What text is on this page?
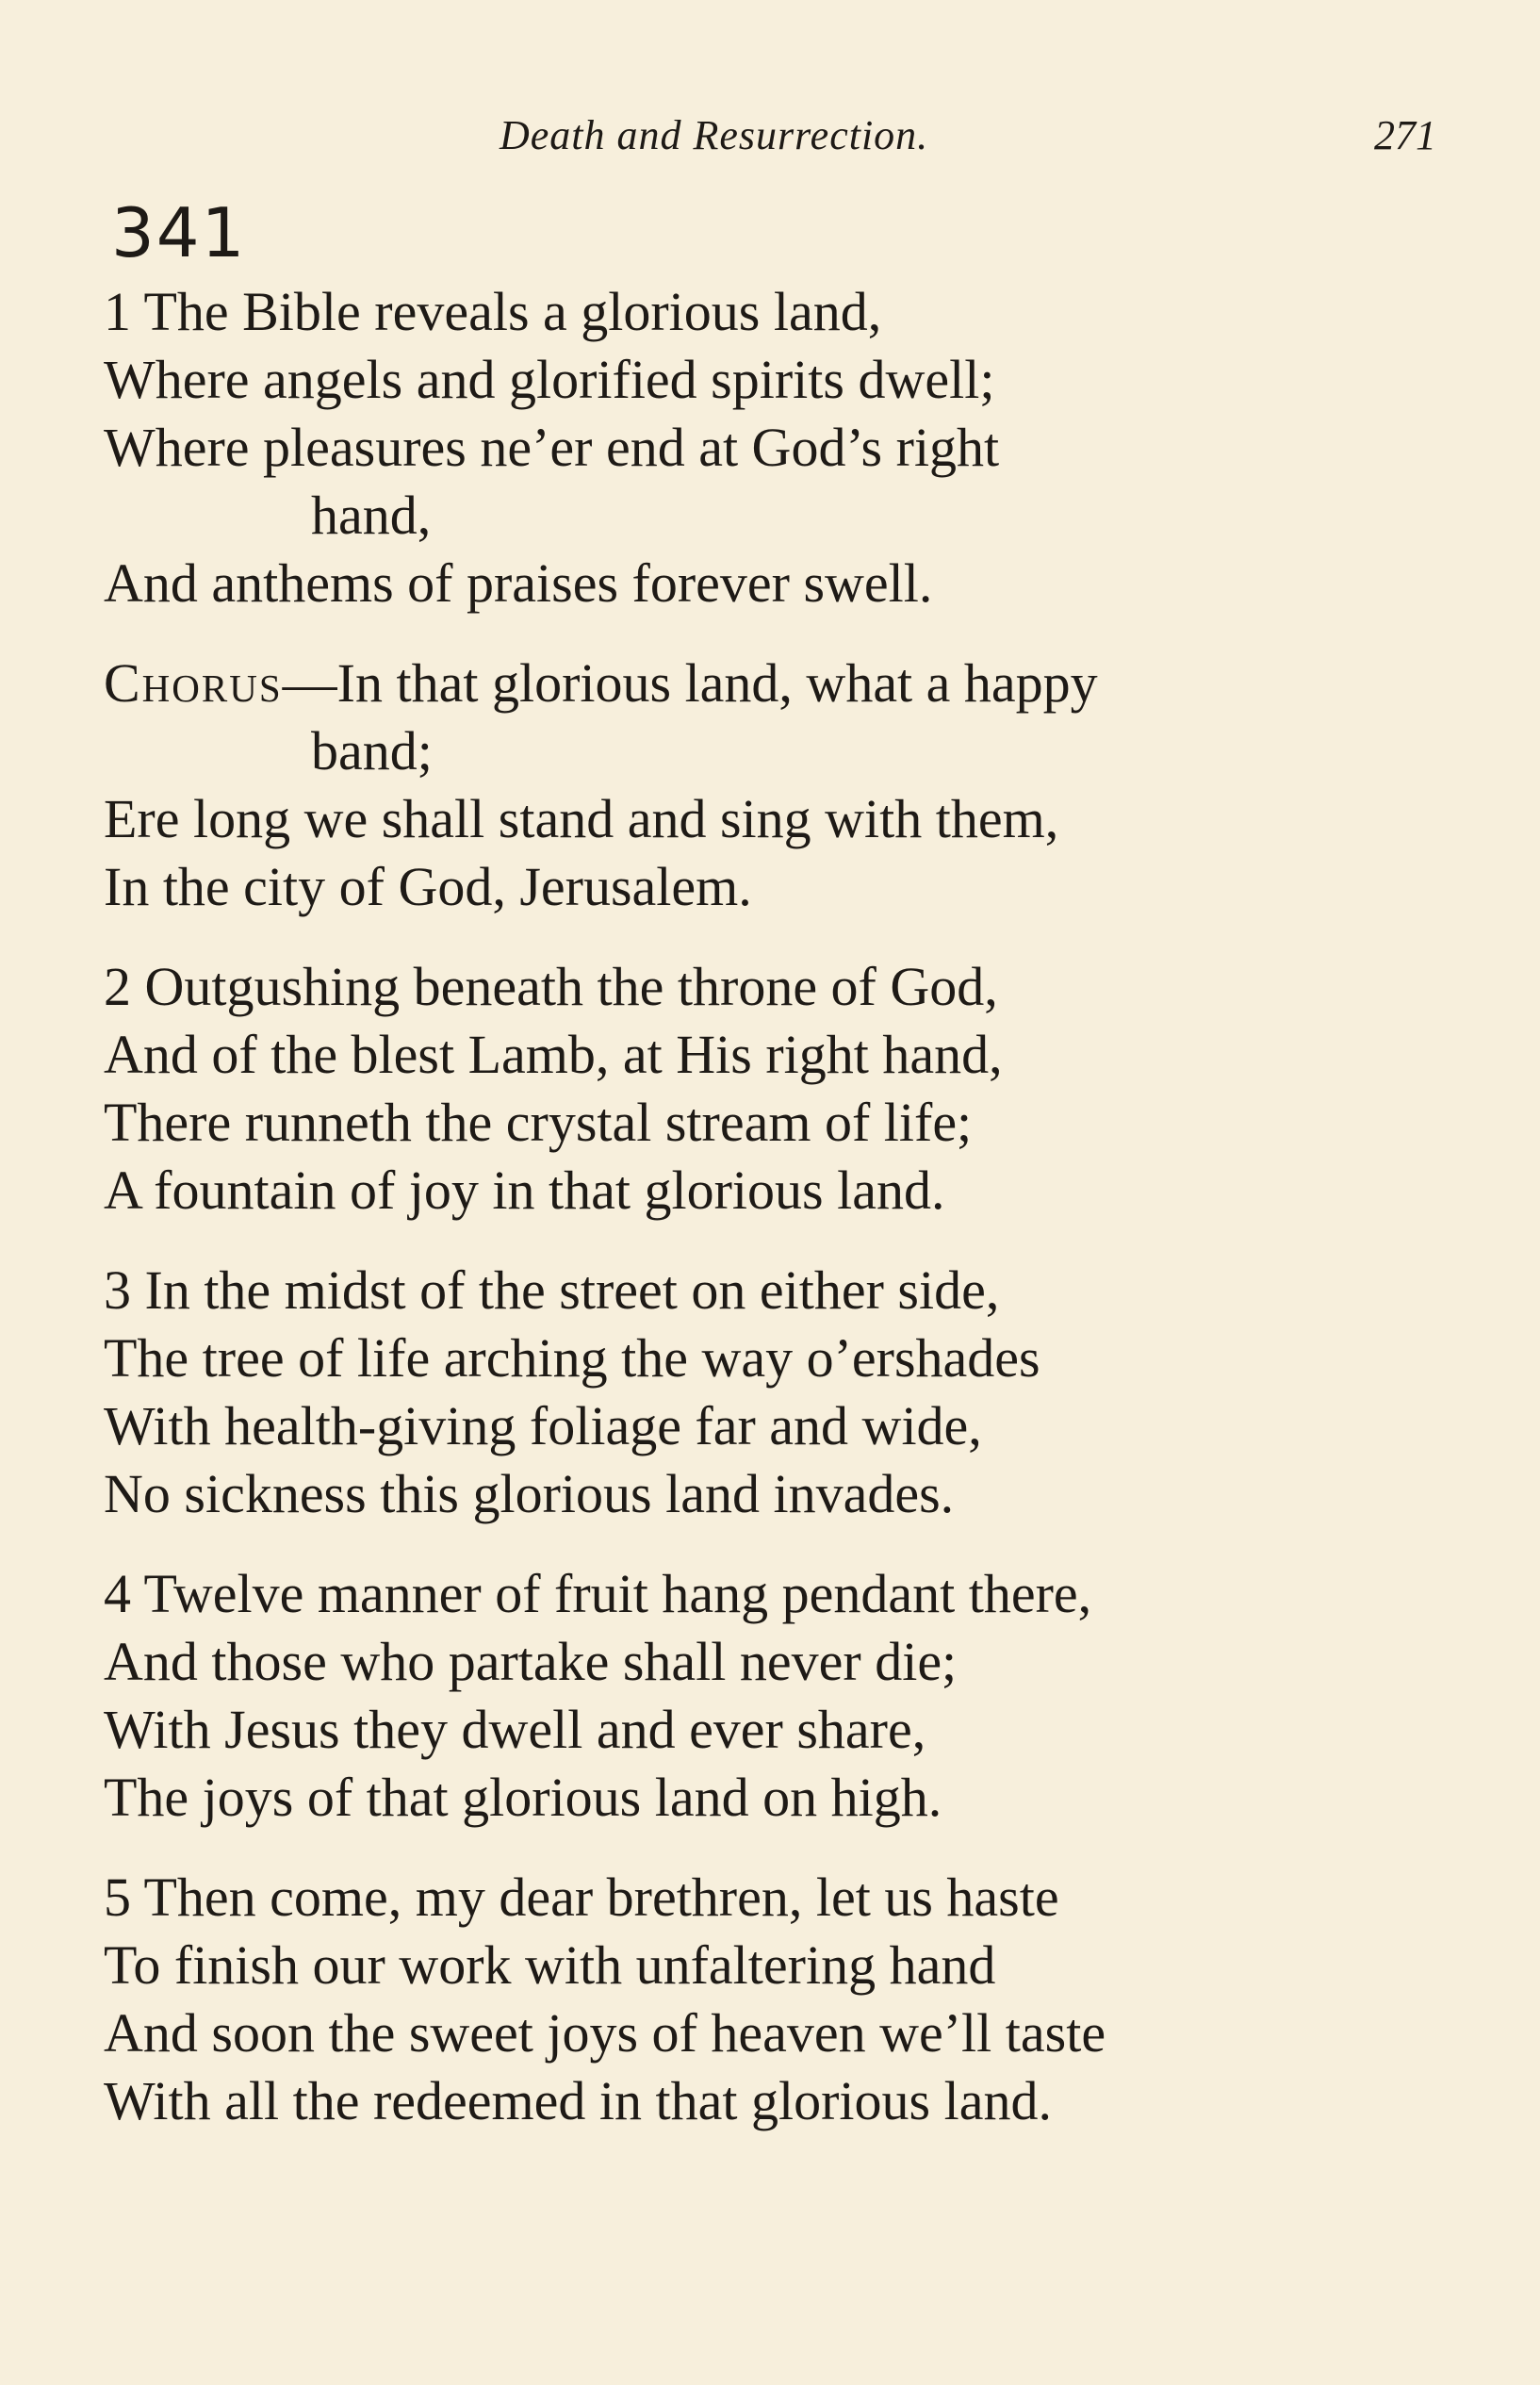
Death and Resurrection.	271
341
1 The Bible reveals a glorious land,
Where angels and glorified spirits dwell;
Where pleasures ne’er end at God’s right
hand,
And anthems of praises forever swell.
Chorus—In that glorious land, what a happy
band;
Ere long we shall stand and sing with them,
In the city of God, Jerusalem.
2 Outgushing beneath the throne of God,
And of the blest Lamb, at His right hand,
There runneth the crystal stream of life;
A fountain of joy in that glorious land.
3 In the midst of the street on either side,
The tree of life arching the way o’ershades
With health-giving foliage far and wide,
No sickness this glorious land invades.
4 Twelve manner of fruit hang pendant there,
And those who partake shall never die;
With Jesus they dwell and ever share,
The joys of that glorious land on high.
5 Then come, my dear brethren, let us haste
To finish our work with unfaltering hand
And soon the sweet joys of heaven we’ll taste
With all the redeemed in that glorious land.
